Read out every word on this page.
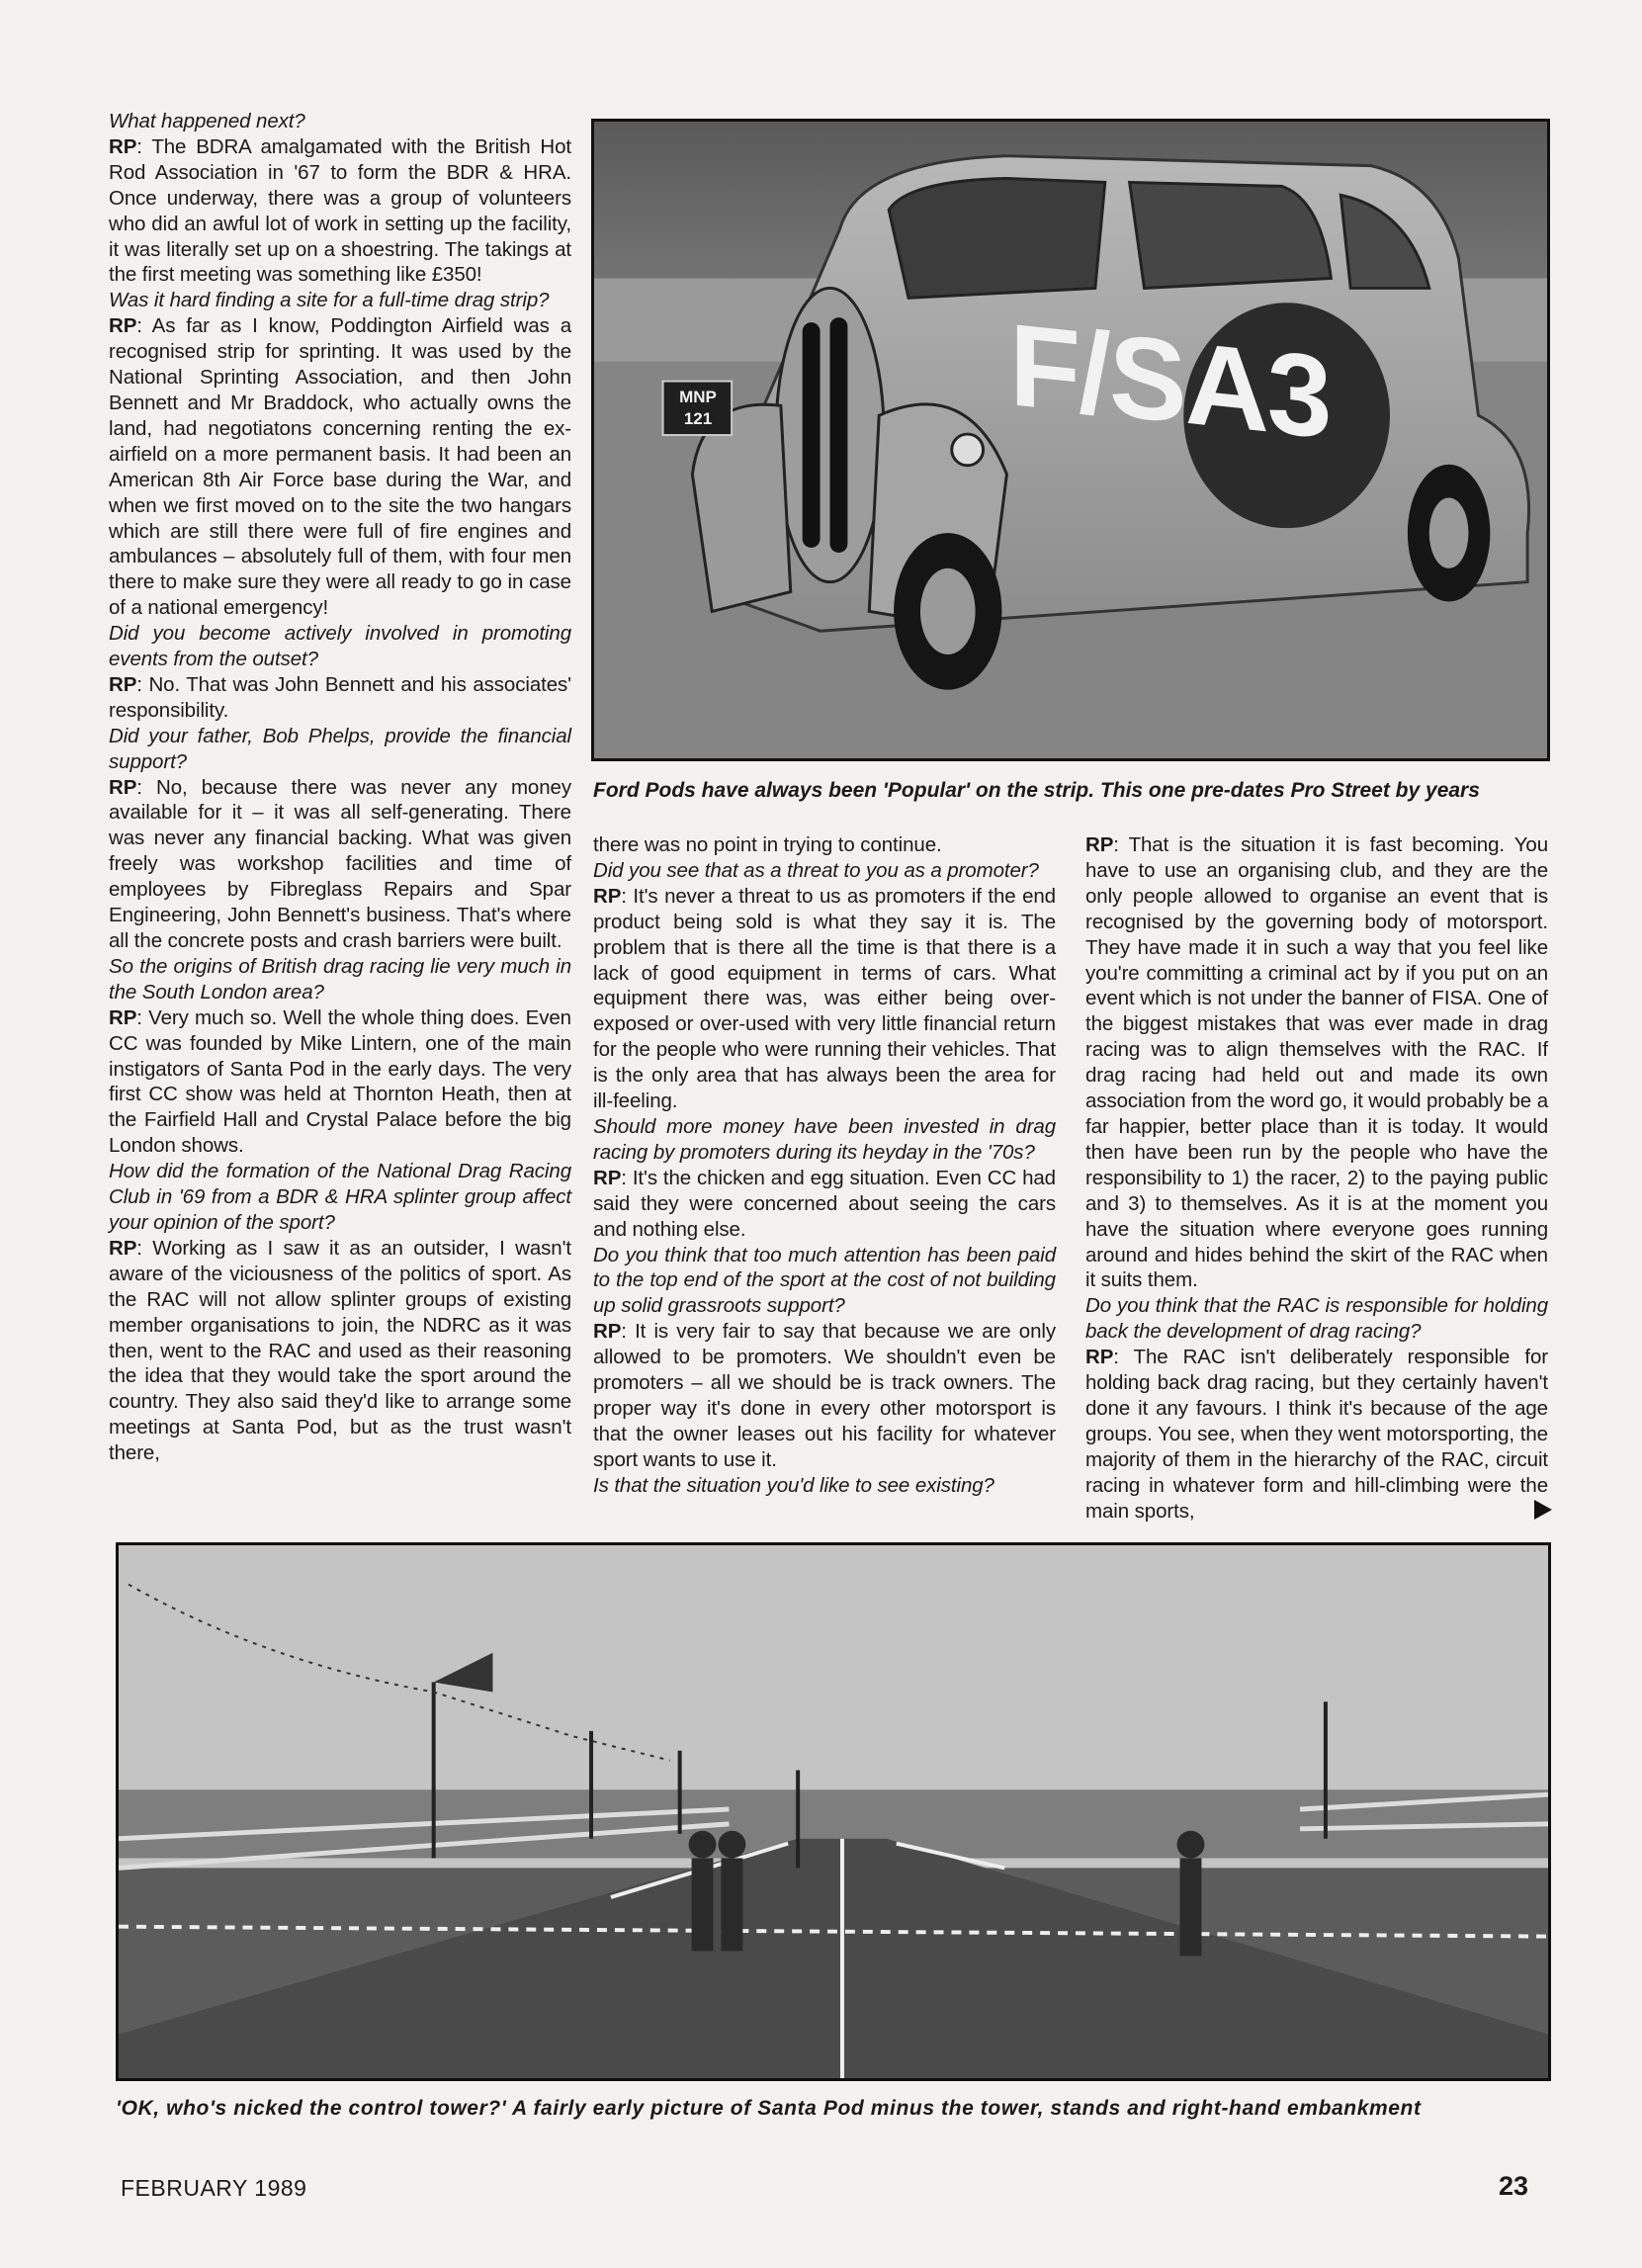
What happened next?

RP: The BDRA amalgamated with the British Hot Rod Association in '67 to form the BDR & HRA. Once underway, there was a group of volunteers who did an awful lot of work in setting up the facility, it was literally set up on a shoestring. The takings at the first meeting was something like £350!

Was it hard finding a site for a full-time drag strip?

RP: As far as I know, Poddington Airfield was a recognised strip for sprinting. It was used by the National Sprinting Association, and then John Bennett and Mr Braddock, who actually owns the land, had negotiatons concerning renting the ex-airfield on a more permanent basis. It had been an American 8th Air Force base during the War, and when we first moved on to the site the two hangars which are still there were full of fire engines and ambulances – absolutely full of them, with four men there to make sure they were all ready to go in case of a national emergency!

Did you become actively involved in promoting events from the outset?

RP: No. That was John Bennett and his associates' responsibility.

Did your father, Bob Phelps, provide the financial support?

RP: No, because there was never any money available for it – it was all self-generating. There was never any financial backing. What was given freely was workshop facilities and time of employees by Fibreglass Repairs and Spar Engineering, John Bennett's business. That's where all the concrete posts and crash barriers were built.

So the origins of British drag racing lie very much in the South London area?

RP: Very much so. Well the whole thing does. Even CC was founded by Mike Lintern, one of the main instigators of Santa Pod in the early days. The very first CC show was held at Thornton Heath, then at the Fairfield Hall and Crystal Palace before the big London shows.

How did the formation of the National Drag Racing Club in '69 from a BDR & HRA splinter group affect your opinion of the sport?

RP: Working as I saw it as an outsider, I wasn't aware of the viciousness of the politics of sport. As the RAC will not allow splinter groups of existing member organisations to join, the NDRC as it was then, went to the RAC and used as their reasoning the idea that they would take the sport around the country. They also said they'd like to arrange some meetings at Santa Pod, but as the trust wasn't there,

F/SA3
MNP
121
Ford Pods have always been 'Popular' on the strip. This one pre-dates Pro Street by years

there was no point in trying to continue.

Did you see that as a threat to you as a promoter?

RP: It's never a threat to us as promoters if the end product being sold is what they say it is. The problem that is there all the time is that there is a lack of good equipment in terms of cars. What equipment there was, was either being over-exposed or over-used with very little financial return for the people who were running their vehicles. That is the only area that has always been the area for ill-feeling.

Should more money have been invested in drag racing by promoters during its heyday in the '70s?

RP: It's the chicken and egg situation. Even CC had said they were concerned about seeing the cars and nothing else.

Do you think that too much attention has been paid to the top end of the sport at the cost of not building up solid grassroots support?

RP: It is very fair to say that because we are only allowed to be promoters. We shouldn't even be promoters – all we should be is track owners. The proper way it's done in every other motorsport is that the owner leases out his facility for whatever sport wants to use it.

Is that the situation you'd like to see existing?

RP: That is the situation it is fast becoming. You have to use an organising club, and they are the only people allowed to organise an event that is recognised by the governing body of motorsport. They have made it in such a way that you feel like you're committing a criminal act by if you put on an event which is not under the banner of FISA. One of the biggest mistakes that was ever made in drag racing was to align themselves with the RAC. If drag racing had held out and made its own association from the word go, it would probably be a far happier, better place than it is today. It would then have been run by the people who have the responsibility to 1) the racer, 2) to the paying public and 3) to themselves. As it is at the moment you have the situation where everyone goes running around and hides behind the skirt of the RAC when it suits them.

Do you think that the RAC is responsible for holding back the development of drag racing?

RP: The RAC isn't deliberately responsible for holding back drag racing, but they certainly haven't done it any favours. I think it's because of the age groups. You see, when they went motorsporting, the majority of them in the hierarchy of the RAC, circuit racing in whatever form and hill-climbing were the main sports,

'OK, who's nicked the control tower?' A fairly early picture of Santa Pod minus the tower, stands and right-hand embankment
FEBRUARY 1989	23
